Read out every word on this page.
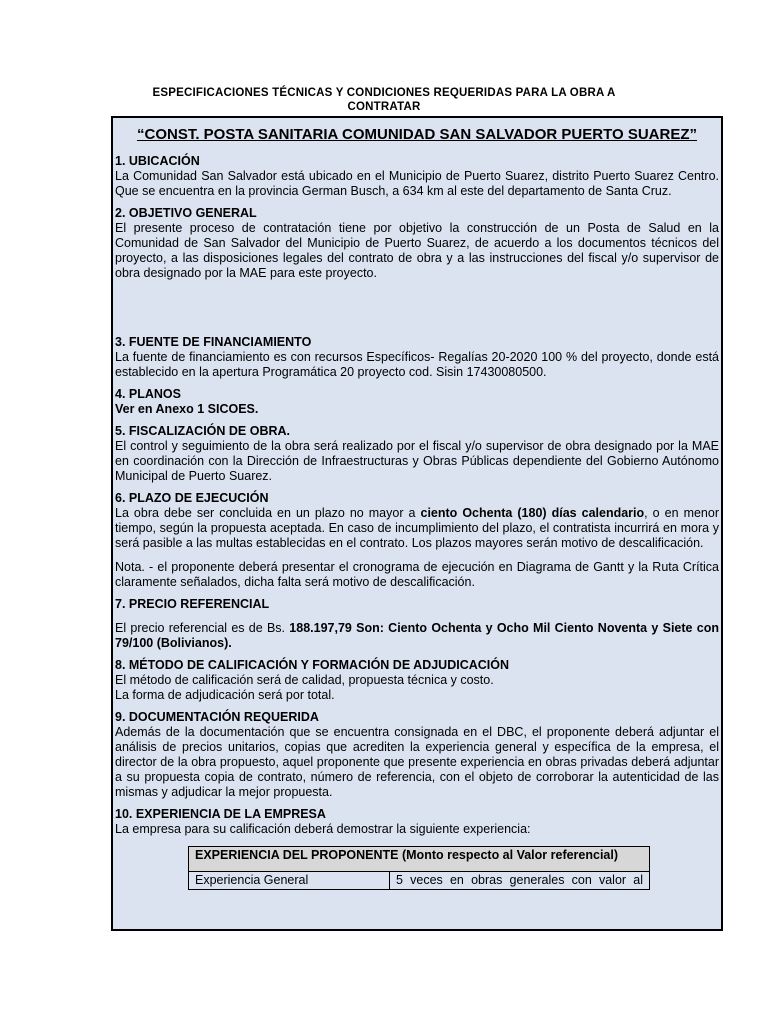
ESPECIFICACIONES TÉCNICAS Y CONDICIONES REQUERIDAS PARA LA OBRA A CONTRATAR
“CONST. POSTA SANITARIA COMUNIDAD SAN SALVADOR PUERTO SUAREZ”
1. UBICACIÓN
La Comunidad San Salvador está ubicado en el Municipio de Puerto Suarez, distrito Puerto Suarez Centro. Que se encuentra en la provincia German Busch, a 634 km al este del departamento de Santa Cruz.
2. OBJETIVO GENERAL
El presente proceso de contratación tiene por objetivo la construcción de un Posta de Salud en la Comunidad de San Salvador del Municipio de Puerto Suarez, de acuerdo a los documentos técnicos del proyecto, a las disposiciones legales del contrato de obra y a las instrucciones del fiscal y/o supervisor de obra designado por la MAE para este proyecto.
3. FUENTE DE FINANCIAMIENTO
La fuente de financiamiento es con recursos Específicos- Regalías 20-2020 100 % del proyecto, donde está establecido en la apertura Programática 20 proyecto cod. Sisin 17430080500.
4. PLANOS
Ver en Anexo 1 SICOES.
5. FISCALIZACIÓN DE OBRA.
El control y seguimiento de la obra será realizado por el fiscal y/o supervisor de obra designado por la MAE en coordinación con la Dirección de Infraestructuras y Obras Públicas dependiente del Gobierno Autónomo Municipal de Puerto Suarez.
6. PLAZO DE EJECUCIÓN
La obra debe ser concluida en un plazo no mayor a ciento Ochenta (180) días calendario, o en menor tiempo, según la propuesta aceptada. En caso de incumplimiento del plazo, el contratista incurrirá en mora y será pasible a las multas establecidas en el contrato. Los plazos mayores serán motivo de descalificación.
Nota. - el proponente deberá presentar el cronograma de ejecución en Diagrama de Gantt y la Ruta Crítica claramente señalados, dicha falta será motivo de descalificación.
7. PRECIO REFERENCIAL
El precio referencial es de Bs. 188.197,79 Son: Ciento Ochenta y Ocho Mil Ciento Noventa y Siete con 79/100 (Bolivianos).
8. MÉTODO DE CALIFICACIÓN Y FORMACIÓN DE ADJUDICACIÓN
El método de calificación será de calidad, propuesta técnica y costo.
La forma de adjudicación será por total.
9. DOCUMENTACIÓN REQUERIDA
Además de la documentación que se encuentra consignada en el DBC, el proponente deberá adjuntar el análisis de precios unitarios, copias que acrediten la experiencia general y específica de la empresa, el director de la obra propuesto, aquel proponente que presente experiencia en obras privadas deberá adjuntar a su propuesta copia de contrato, número de referencia, con el objeto de corroborar la autenticidad de las mismas y adjudicar la mejor propuesta.
10. EXPERIENCIA DE LA EMPRESA
La empresa para su calificación deberá demostrar la siguiente experiencia:
EXPERIENCIA DEL PROPONENTE (Monto respecto al Valor referencial)
Experiencia General	5 veces en obras generales con valor al
